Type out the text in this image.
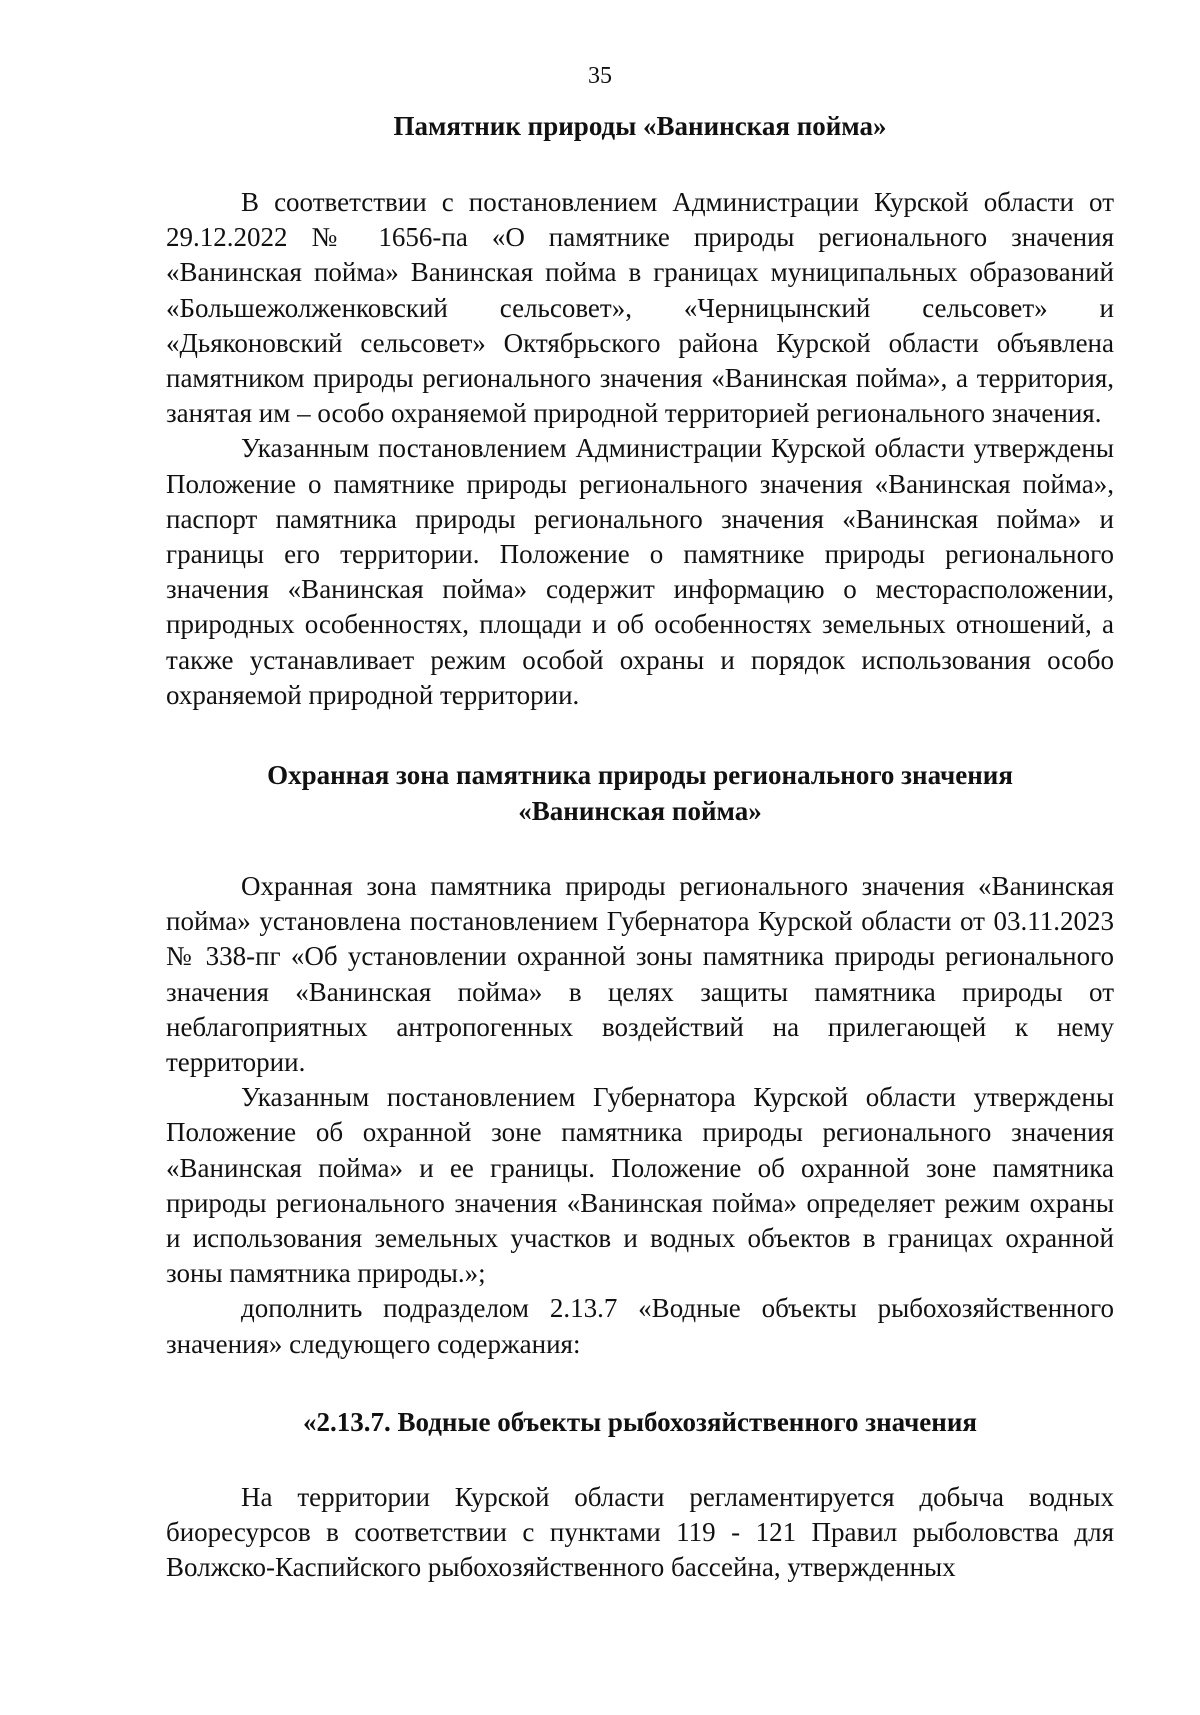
35
Памятник природы «Ванинская пойма»

В соответствии с постановлением Администрации Курской области от 29.12.2022 № 1656-па «О памятнике природы регионального значения «Ванинская пойма» Ванинская пойма в границах муниципальных образований «Большежолженковский сельсовет», «Черницынский сельсовет» и «Дьяконовский сельсовет» Октябрьского района Курской области объявлена памятником природы регионального значения «Ванинская пойма», а территория, занятая им – особо охраняемой природной территорией регионального значения.

Указанным постановлением Администрации Курской области утверждены Положение о памятнике природы регионального значения «Ванинская пойма», паспорт памятника природы регионального значения «Ванинская пойма» и границы его территории. Положение о памятнике природы регионального значения «Ванинская пойма» содержит информацию о месторасположении, природных особенностях, площади и об особенностях земельных отношений, а также устанавливает режим особой охраны и порядок использования особо охраняемой природной территории.

Охранная зона памятника природы регионального значения
«Ванинская пойма»

Охранная зона памятника природы регионального значения «Ванинская пойма» установлена постановлением Губернатора Курской области от 03.11.2023 № 338-пг «Об установлении охранной зоны памятника природы регионального значения «Ванинская пойма» в целях защиты памятника природы от неблагоприятных антропогенных воздействий на прилегающей к нему территории.

Указанным постановлением Губернатора Курской области утверждены Положение об охранной зоне памятника природы регионального значения «Ванинская пойма» и ее границы. Положение об охранной зоне памятника природы регионального значения «Ванинская пойма» определяет режим охраны и использования земельных участков и водных объектов в границах охранной зоны памятника природы.»;

дополнить подразделом 2.13.7 «Водные объекты рыбохозяйственного значения» следующего содержания:

«2.13.7. Водные объекты рыбохозяйственного значения

На территории Курской области регламентируется добыча водных биоресурсов в соответствии с пунктами 119 - 121 Правил рыболовства для Волжско-Каспийского рыбохозяйственного бассейна, утвержденных
